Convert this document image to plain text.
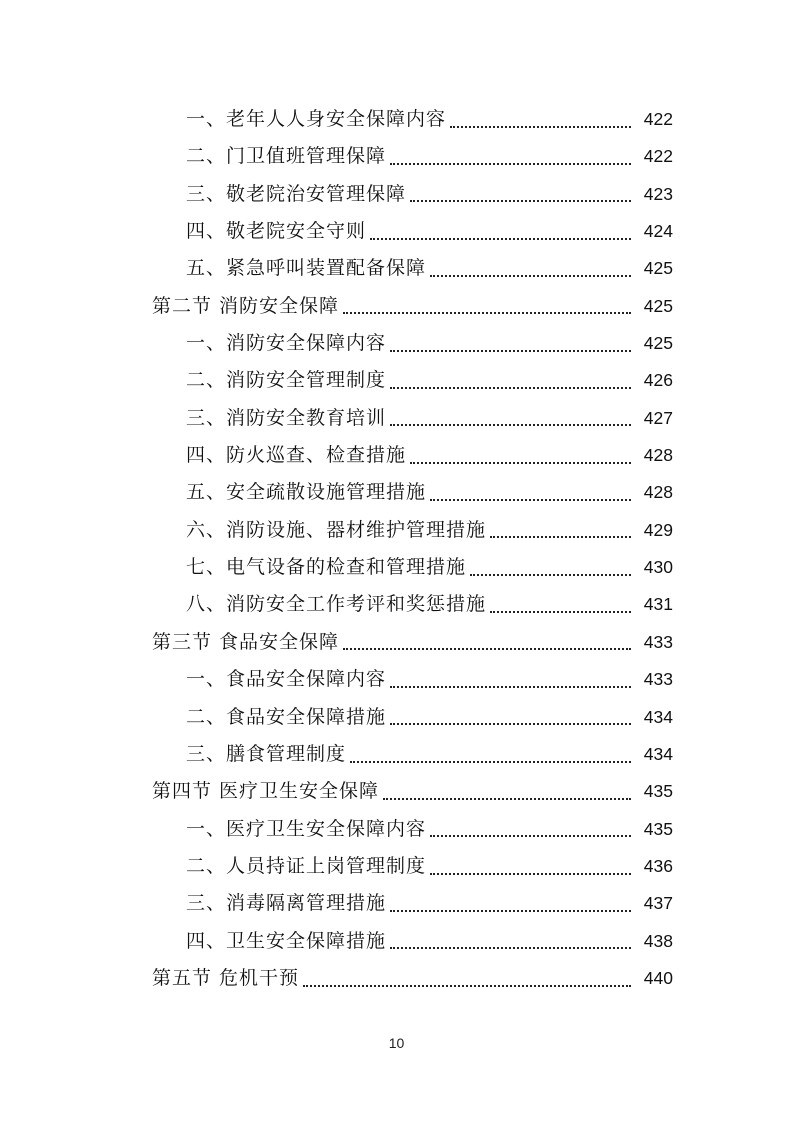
一、老年人人身安全保障内容	422
二、门卫值班管理保障	422
三、敬老院治安管理保障	423
四、敬老院安全守则	424
五、紧急呼叫装置配备保障	425
第二节 消防安全保障	425
一、消防安全保障内容	425
二、消防安全管理制度	426
三、消防安全教育培训	427
四、防火巡查、检查措施	428
五、安全疏散设施管理措施	428
六、消防设施、器材维护管理措施	429
七、电气设备的检查和管理措施	430
八、消防安全工作考评和奖惩措施	431
第三节 食品安全保障	433
一、食品安全保障内容	433
二、食品安全保障措施	434
三、膳食管理制度	434
第四节 医疗卫生安全保障	435
一、医疗卫生安全保障内容	435
二、人员持证上岗管理制度	436
三、消毒隔离管理措施	437
四、卫生安全保障措施	438
第五节 危机干预	440
10
